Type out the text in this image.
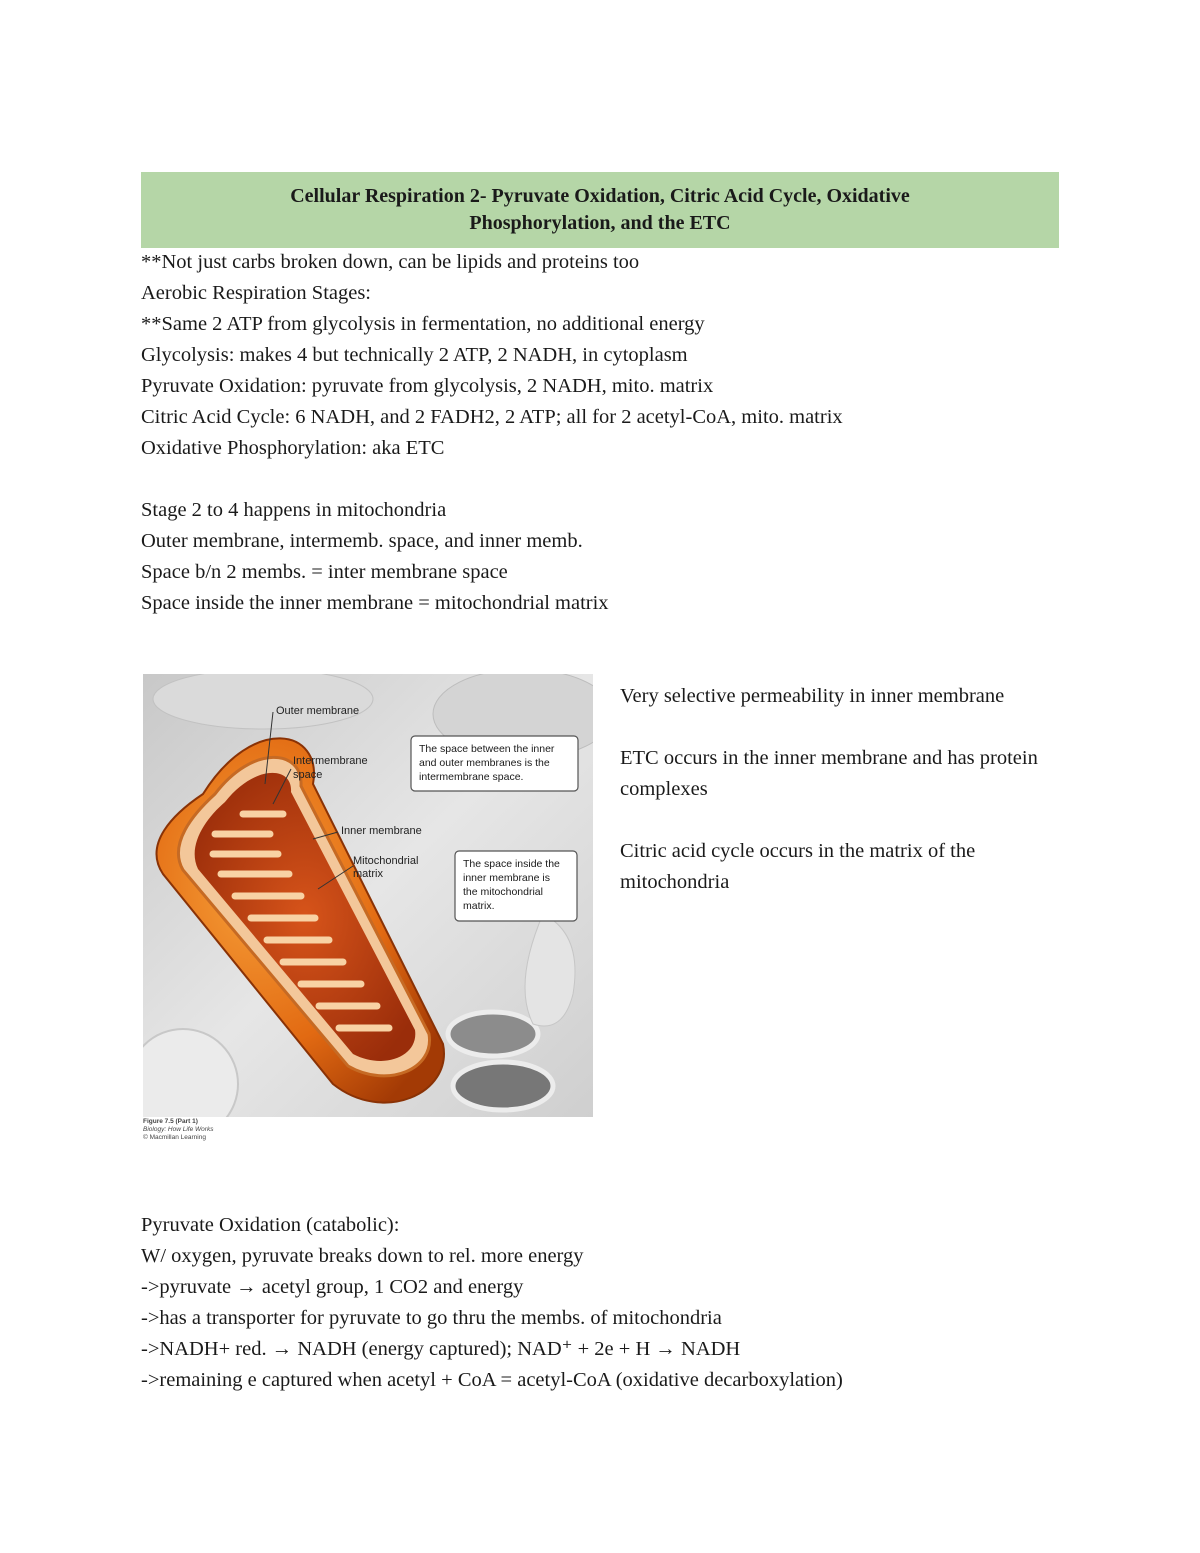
Cellular Respiration 2- Pyruvate Oxidation, Citric Acid Cycle, Oxidative
Phosphorylation, and the ETC
**Not just carbs broken down, can be lipids and proteins too
Aerobic Respiration Stages:
**Same 2 ATP from glycolysis in fermentation, no additional energy
Glycolysis: makes 4 but technically 2 ATP, 2 NADH, in cytoplasm
Pyruvate Oxidation: pyruvate from glycolysis, 2 NADH, mito. matrix
Citric Acid Cycle: 6 NADH, and 2 FADH2, 2 ATP; all for 2 acetyl-CoA, mito. matrix
Oxidative Phosphorylation: aka ETC
Stage 2 to 4 happens in mitochondria
Outer membrane, intermemb. space, and inner memb.
Space b/n 2 membs. = inter membrane space
Space inside the inner membrane = mitochondrial matrix
Outer membrane
Intermembrane
space
Inner membrane
Mitochondrial
matrix
The space between the inner
and outer membranes is the
intermembrane space.
The space inside the
inner membrane is
the mitochondrial
matrix.
Figure 7.5 (Part 1)
Biology: How Life Works
© Macmillan Learning

Very selective permeability in inner membrane

ETC occurs in the inner membrane and has protein complexes

Citric acid cycle occurs in the matrix of the mitochondria

Pyruvate Oxidation (catabolic):
W/ oxygen, pyruvate breaks down to rel. more energy
->pyruvate → acetyl group, 1 CO2 and energy
->has a transporter for pyruvate to go thru the membs. of mitochondria
->NADH+ red. → NADH (energy captured); NAD⁺ + 2e + H → NADH
->remaining e captured when acetyl + CoA = acetyl-CoA (oxidative decarboxylation)
